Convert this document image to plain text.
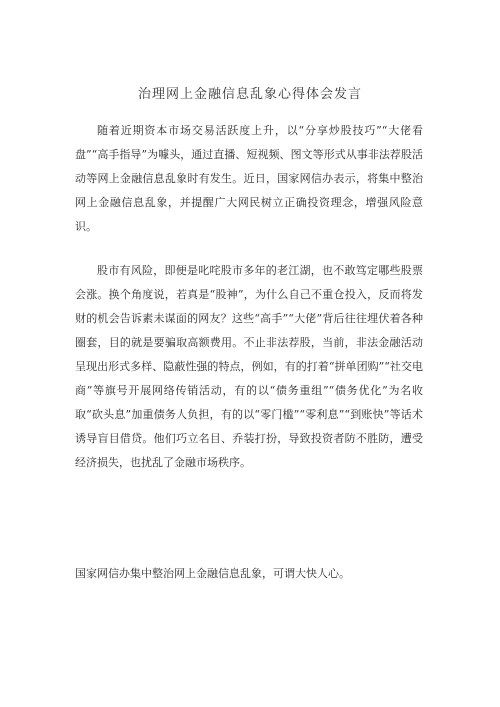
治理网上金融信息乱象心得体会发言

随着近期资本市场交易活跃度上升，以“分享炒股技巧”“大佬看盘”“高手指导”为噱头，通过直播、短视频、图文等形式从事非法荐股活动等网上金融信息乱象时有发生。近日，国家网信办表示，将集中整治网上金融信息乱象，并提醒广大网民树立正确投资理念，增强风险意识。

股市有风险，即便是叱咤股市多年的老江湖，也不敢笃定哪些股票会涨。换个角度说，若真是“股神”，为什么自己不重仓投入，反而将发财的机会告诉素未谋面的网友？这些“高手”“大佬”背后往往埋伏着各种圈套，目的就是要骗取高额费用。不止非法荐股，当前，非法金融活动呈现出形式多样、隐蔽性强的特点，例如，有的打着“拼单团购”“社交电商”等旗号开展网络传销活动，有的以“债务重组”“债务优化”为名收取“砍头息”加重债务人负担，有的以“零门槛”“零利息”“到账快”等话术诱导盲目借贷。他们巧立名目、乔装打扮，导致投资者防不胜防，遭受经济损失，也扰乱了金融市场秩序。

国家网信办集中整治网上金融信息乱象，可谓大快人心。
